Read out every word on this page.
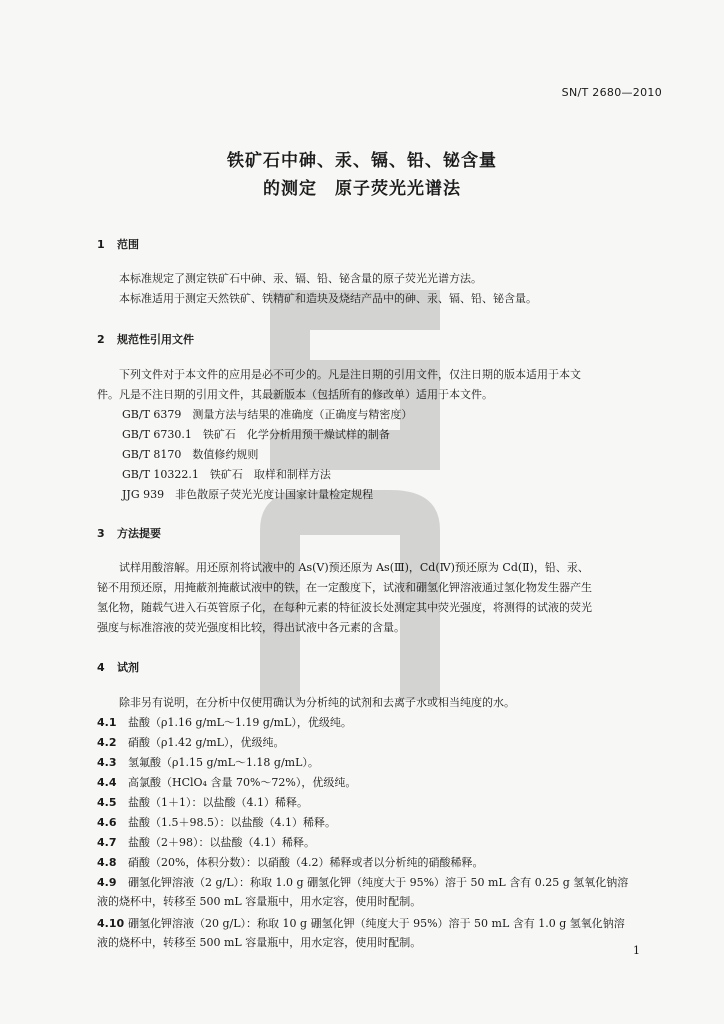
SN/T 2680—2010
铁矿石中砷、汞、镉、铅、铋含量
的测定　原子荧光光谱法
1 范围
本标准规定了测定铁矿石中砷、汞、镉、铅、铋含量的原子荧光光谱方法。
本标准适用于测定天然铁矿、铁精矿和造块及烧结产品中的砷、汞、镉、铅、铋含量。
2 规范性引用文件
下列文件对于本文件的应用是必不可少的。凡是注日期的引用文件，仅注日期的版本适用于本文
件。凡是不注日期的引用文件，其最新版本（包括所有的修改单）适用于本文件。
GB/T 6379　测量方法与结果的准确度（正确度与精密度）
GB/T 6730.1　铁矿石　化学分析用预干燥试样的制备
GB/T 8170　数值修约规则
GB/T 10322.1　铁矿石　取样和制样方法
JJG 939　非色散原子荧光光度计国家计量检定规程
3 方法提要
试样用酸溶解。用还原剂将试液中的 As(Ⅴ)预还原为 As(Ⅲ)，Cd(Ⅳ)预还原为 Cd(Ⅱ)，铅、汞、
铋不用预还原，用掩蔽剂掩蔽试液中的铁，在一定酸度下，试液和硼氢化钾溶液通过氢化物发生器产生
氢化物，随载气进入石英管原子化，在每种元素的特征波长处测定其中荧光强度，将测得的试液的荧光
强度与标准溶液的荧光强度相比较，得出试液中各元素的含量。
4 试剂
除非另有说明，在分析中仅使用确认为分析纯的试剂和去离子水或相当纯度的水。
4.1 盐酸（ρ1.16 g/mL～1.19 g/mL），优级纯。
4.2 硝酸（ρ1.42 g/mL），优级纯。
4.3 氢氟酸（ρ1.15 g/mL～1.18 g/mL）。
4.4 高氯酸（HClO₄ 含量 70%～72%），优级纯。
4.5 盐酸（1＋1）：以盐酸（4.1）稀释。
4.6 盐酸（1.5＋98.5）：以盐酸（4.1）稀释。
4.7 盐酸（2＋98）：以盐酸（4.1）稀释。
4.8 硝酸（20%，体积分数）：以硝酸（4.2）稀释或者以分析纯的硝酸稀释。
4.9 硼氢化钾溶液（2 g/L）：称取 1.0 g 硼氢化钾（纯度大于 95%）溶于 50 mL 含有 0.25 g 氢氧化钠溶
液的烧杯中，转移至 500 mL 容量瓶中，用水定容，使用时配制。
4.10 硼氢化钾溶液（20 g/L）：称取 10 g 硼氢化钾（纯度大于 95%）溶于 50 mL 含有 1.0 g 氢氧化钠溶
液的烧杯中，转移至 500 mL 容量瓶中，用水定容，使用时配制。
1
